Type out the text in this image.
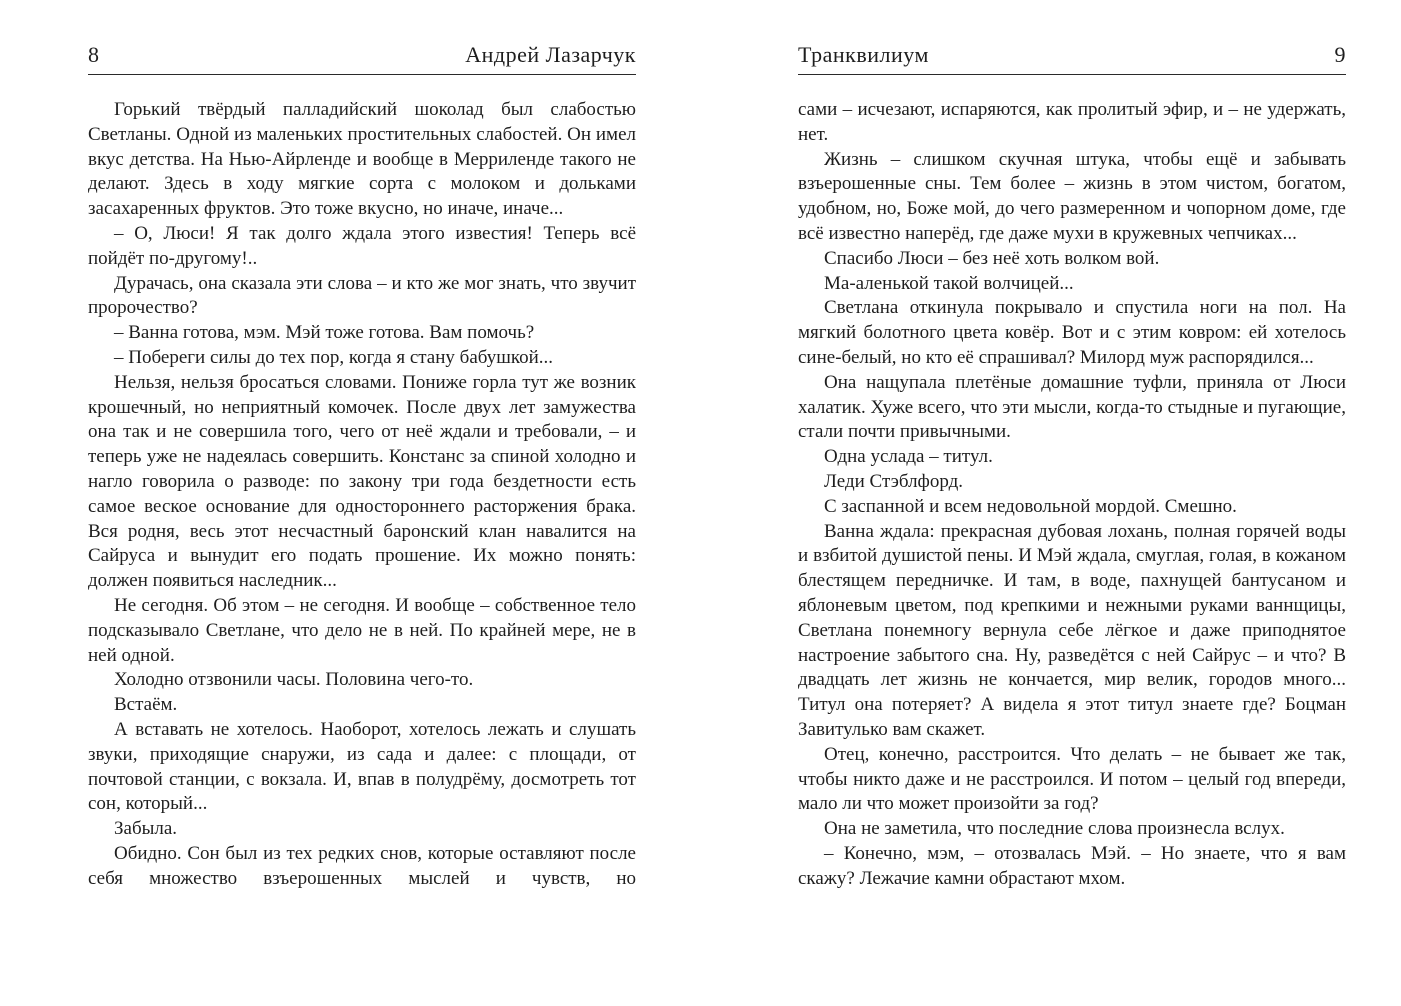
8	Андрей Лазарчук

Горький твёрдый палладийский шоколад был слабостью Светланы. Одной из маленьких простительных слабостей. Он имел вкус детства. На Нью-Айрленде и вообще в Меррилендe такого не делают. Здесь в ходу мягкие сорта с молоком и дольками засахаренных фруктов. Это тоже вкусно, но иначе, иначе...

– О, Люси! Я так долго ждала этого известия! Теперь всё пойдёт по-другому!..

Дурачась, она сказала эти слова – и кто же мог знать, что звучит пророчество?

– Ванна готова, мэм. Мэй тоже готова. Вам помочь?

– Побереги силы до тех пор, когда я стану бабушкой...

Нельзя, нельзя бросаться словами. Пониже горла тут же возник крошечный, но неприятный комочек. После двух лет замужества она так и не совершила того, чего от неё ждали и требовали, – и теперь уже не надеялась совершить. Констанс за спиной холодно и нагло говорила о разводе: по закону три года бездетности есть самое веское основание для одностороннего расторжения брака. Вся родня, весь этот несчастный баронский клан навалится на Сайруса и вынудит его подать прошение. Их можно понять: должен появиться наследник...

Не сегодня. Об этом – не сегодня. И вообще – собственное тело подсказывало Светлане, что дело не в ней. По крайней мере, не в ней одной.

Холодно отзвонили часы. Половина чего-то.

Встаём.

А вставать не хотелось. Наоборот, хотелось лежать и слушать звуки, приходящие снаружи, из сада и далее: с площади, от почтовой станции, с вокзала. И, впав в полудрёму, досмотреть тот сон, который...

Забыла.

Обидно. Сон был из тех редких снов, которые оставляют после себя множество взъерошенных мыслей и чувств, но

Транквилиум	9

сами – исчезают, испаряются, как пролитый эфир, и – не удержать, нет.

Жизнь – слишком скучная штука, чтобы ещё и забывать взъерошенные сны. Тем более – жизнь в этом чистом, богатом, удобном, но, Боже мой, до чего размеренном и чопорном доме, где всё известно наперёд, где даже мухи в кружевных чепчиках...

Спасибо Люси – без неё хоть волком вой.

Ма-аленькой такой волчицей...

Светлана откинула покрывало и спустила ноги на пол. На мягкий болотного цвета ковёр. Вот и с этим ковром: ей хотелось сине-белый, но кто её спрашивал? Милорд муж распорядился...

Она нащупала плетёные домашние туфли, приняла от Люси халатик. Хуже всего, что эти мысли, когда-то стыдные и пугающие, стали почти привычными.

Одна услада – титул.

Леди Стэблфорд.

С заспанной и всем недовольной мордой. Смешно.

Ванна ждала: прекрасная дубовая лохань, полная горячей воды и взбитой душистой пены. И Мэй ждала, смуглая, голая, в кожаном блестящем передничке. И там, в воде, пахнущей бантусаном и яблоневым цветом, под крепкими и нежными руками ваннщицы, Светлана понемногу вернула себе лёгкое и даже приподнятое настроение забытого сна. Ну, разведётся с ней Сайрус – и что? В двадцать лет жизнь не кончается, мир велик, городов много... Титул она потеряет? А видела я этот титул знаете где? Боцман Завитулько вам скажет.

Отец, конечно, расстроится. Что делать – не бывает же так, чтобы никто даже и не расстроился. И потом – целый год впереди, мало ли что может произойти за год?

Она не заметила, что последние слова произнесла вслух.

– Конечно, мэм, – отозвалась Мэй. – Но знаете, что я вам скажу? Лежачие камни обрастают мхом.
